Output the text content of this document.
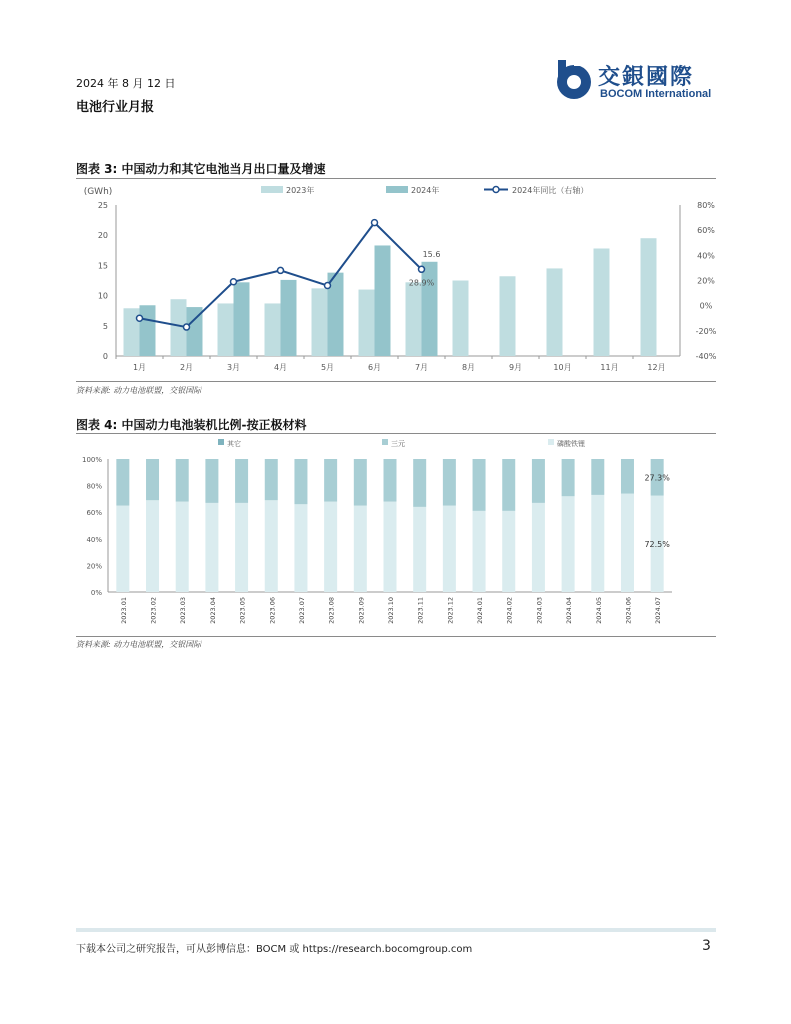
2024 年 8 月 12 日
电池行业月报
交銀國際
BOCOM International
图表 3: 中国动力和其它电池当月出口量及增速
2023年	2024年	2024年同比（右轴）
(GWh)
0
5
10
15
20
25
-40%
-20%
0%
20%
40%
60%
80%
1月	2月	3月	4月	5月	6月	7月	8月	9月	10月	11月	12月
15.6
28.9%
资料来源: 动力电池联盟，交银国际
图表 4: 中国动力电池装机比例-按正极材料
其它	三元	磷酸铁锂
0%
20%
40%
60%
80%
100%
2023.01	2023.02	2023.03	2023.04	2023.05	2023.06	2023.07	2023.08	2023.09	2023.10	2023.11	2023.12	2024.01	2024.02	2024.03	2024.04	2024.05	2024.06	2024.07
27.3%
72.5%
资料来源: 动力电池联盟，交银国际
下载本公司之研究报告，可从彭博信息：BOCM 或 https://research.bocomgroup.com	3
